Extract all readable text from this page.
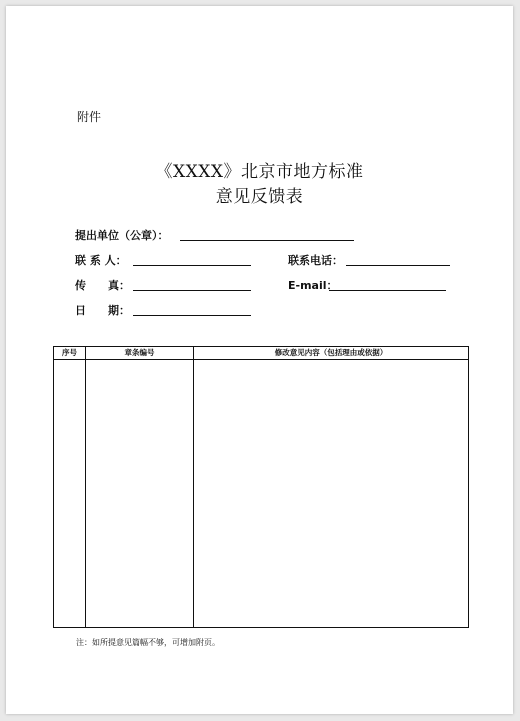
附件
《XXXX》北京市地方标准
意见反馈表
提出单位（公章）：
联 系 人：	联系电话：
传　　真：	E-mail：
日　　期：
序号	章条编号	修改意见内容（包括理由或依据）

注：如所提意见篇幅不够，可增加附页。
